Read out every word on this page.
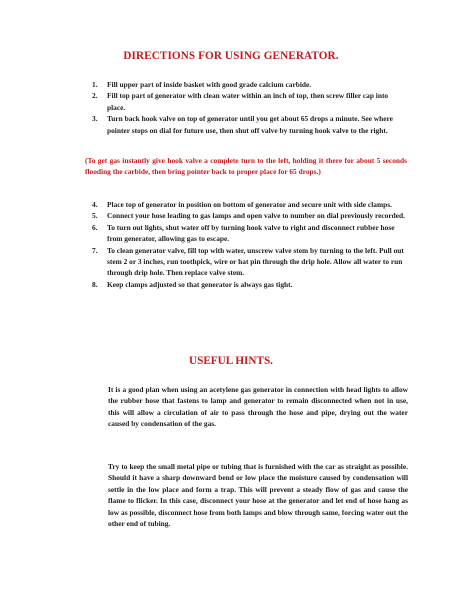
DIRECTIONS FOR USING GENERATOR.
1. Fill upper part of inside basket with good grade calcium carbide.
2. Fill top part of generator with clean water within an inch of top, then screw filler cap into place.
3. Turn back hook valve on top of generator until you get about 65 drops a minute. See where pointer stops on dial for future use, then shut off valve by turning hook valve to the right.
(To get gas instantly give hook valve a complete turn to the left, holding it there for about 5 seconds flooding the carbide, then bring pointer back to proper place for 65 drops.)
4. Place top of generator in position on bottom of generator and secure unit with side clamps.
5. Connect your hose leading to gas lamps and open valve to number on dial previously recorded.
6. To turn out lights, shut water off by turning hook valve to right and disconnect rubber hose from generator, allowing gas to escape.
7. To clean generator valve, fill top with water, unscrew valve stem by turning to the left. Pull out stem 2 or 3 inches, run toothpick, wire or hat pin through the drip hole. Allow all water to run through drip hole. Then replace valve stem.
8. Keep clamps adjusted so that generator is always gas tight.
USEFUL HINTS.

It is a good plan when using an acetylene gas generator in connection with head lights to allow the rubber hose that fastens to lamp and generator to remain disconnected when not in use, this will allow a circulation of air to pass through the hose and pipe, drying out the water caused by condensation of the gas.

Try to keep the small metal pipe or tubing that is furnished with the car as straight as possible. Should it have a sharp downward bend or low place the moisture caused by condensation will settle in the low place and form a trap. This will prevent a steady flow of gas and cause the flame to flicker. In this case, disconnect your hose at the generator and let end of hose hang as low as possible, disconnect hose from both lamps and blow through same, forcing water out the other end of tubing.
